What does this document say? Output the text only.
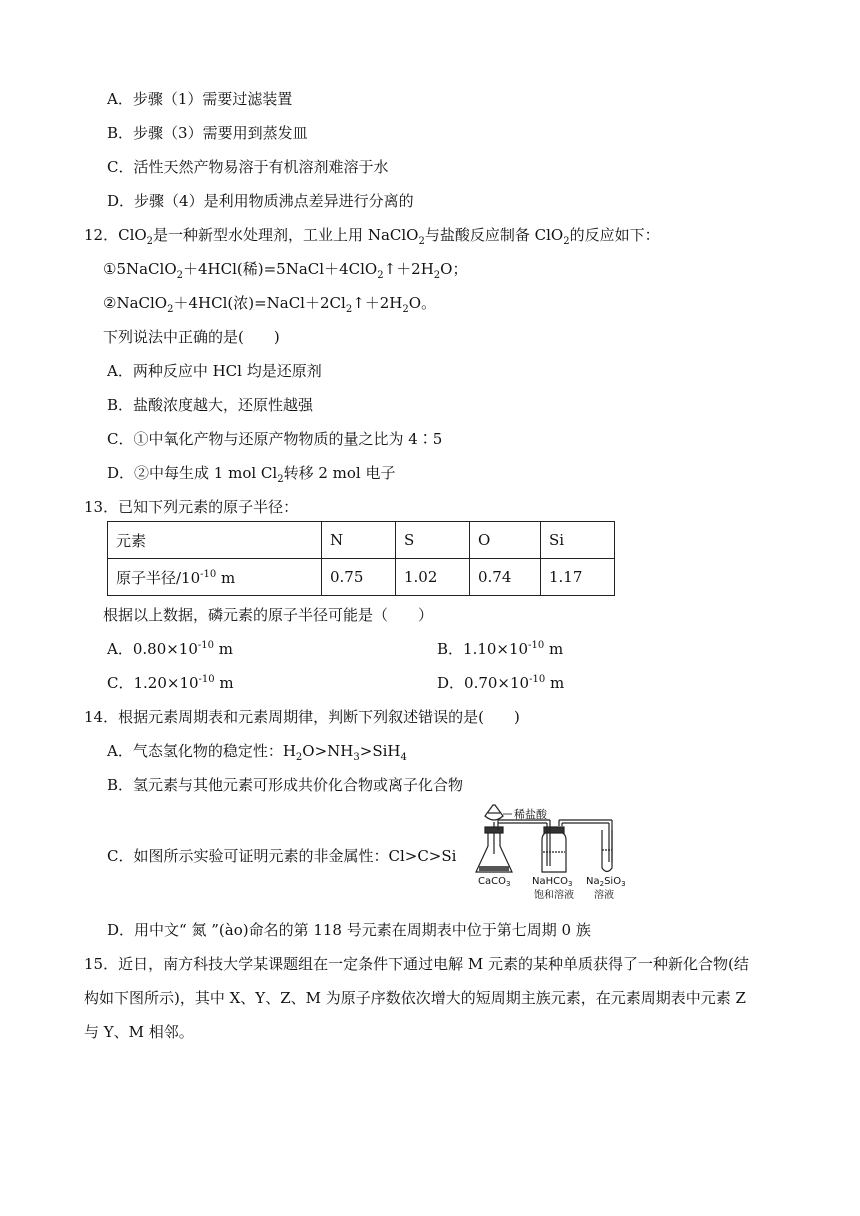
A．步骤（1）需要过滤装置
B．步骤（3）需要用到蒸发皿
C．活性天然产物易溶于有机溶剂难溶于水
D．步骤（4）是利用物质沸点差异进行分离的
12．ClO$_2$是一种新型水处理剂，工业上用 NaClO$_2$与盐酸反应制备 ClO$_2$的反应如下：
①5NaClO$_2$＋4HCl(稀)$=5NaCl+4ClO_2↑+2H_2O$；
②NaClO$_2$＋4HCl(浓)$=NaCl+2Cl_2↑+2H_2O$。
下列说法中正确的是(　　)
A．两种反应中 HCl 均是还原剂
B．盐酸浓度越大，还原性越强
C．①中氧化产物与还原产物物质的量之比为 4∶5
D．②中每生成 1 mol $Cl_2$转移 2 mol 电子
13．已知下列元素的原子半径：
元素	N	S	O	Si
原子半径$/10^{-10}$ m	0.75	1.02	0.74	1.17
根据以上数据，磷元素的原子半径可能是（　　）
A．$0.80\times 10^{-10}$ m	B．$1.10\times 10^{-10}$ m
C．$1.20\times 10^{-10}$ m	D．$0.70\times 10^{-10}$ m
14．根据元素周期表和元素周期律，判断下列叙述错误的是(　　)
A．气态氢化物的稳定性：$H_2O>NH_3>SiH_4$
B．氢元素与其他元素可形成共价化合物或离子化合物
C．如图所示实验可证明元素的非金属性：Cl>C>Si
稀盐酸
CaCO$_3$ NaHCO$_3$
饱和溶液
$Na_2SiO_3$
溶液
D．用中文“ 氮 ”(ào)命名的第 118 号元素在周期表中位于第七周期 0 族
15．近日，南方科技大学某课题组在一定条件下通过电解 M 元素的某种单质获得了一种新化合物(结
构如下图所示)，其中 X、Y、Z、M 为原子序数依次增大的短周期主族元素，在元素周期表中元素 Z
与 Y、M 相邻。
